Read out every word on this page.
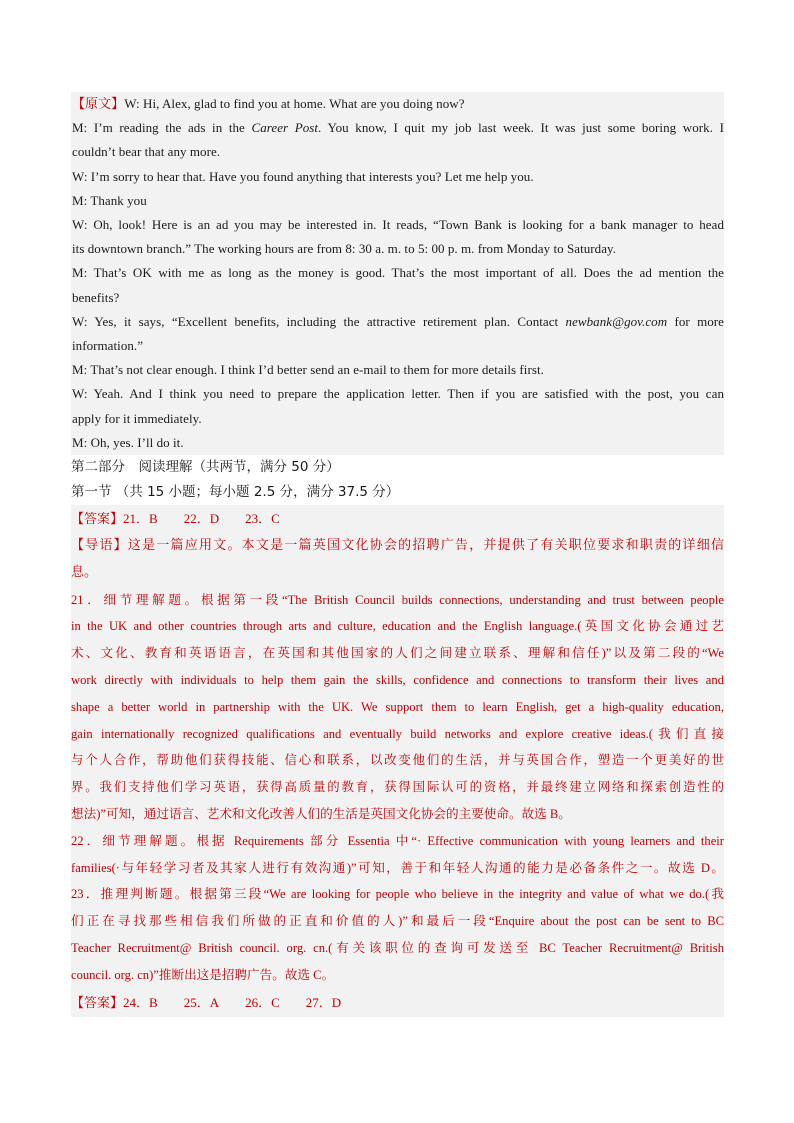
【原文】W: Hi, Alex, glad to find you at home. What are you doing now?
M: I’m reading the ads in the Career Post. You know, I quit my job last week. It was just some boring work. I
couldn’t bear that any more.
W: I’m sorry to hear that. Have you found anything that interests you? Let me help you.
M: Thank you
W: Oh, look! Here is an ad you may be interested in. It reads, “Town Bank is looking for a bank manager to head
its downtown branch.” The working hours are from 8: 30 a. m. to 5: 00 p. m. from Monday to Saturday.
M: That’s OK with me as long as the money is good. That’s the most important of all. Does the ad mention the
benefits?
W: Yes, it says, “Excellent benefits, including the attractive retirement plan. Contact newbank@gov.com for more
information.”
M: That’s not clear enough. I think I’d better send an e-mail to them for more details first.
W: Yeah. And I think you need to prepare the application letter. Then if you are satisfied with the post, you can
apply for it immediately.
M: Oh, yes. I’ll do it.
第二部分　阅读理解（共两节，满分 50 分）
第一节 （共 15 小题；每小题 2.5 分，满分 37.5 分）
【答案】21．B 22．D 23．C
【导语】这是一篇应用文。本文是一篇英国文化协会的招聘广告，并提供了有关职位要求和职责的详细信
息。
21．细节理解题。根据第一段“The British Council builds connections, understanding and trust between people
in the UK and other countries through arts and culture, education and the English language.(英国文化协会通过艺
术、文化、教育和英语语言，在英国和其他国家的人们之间建立联系、理解和信任)”以及第二段的“We
work directly with individuals to help them gain the skills, confidence and connections to transform their lives and
shape a better world in partnership with the UK. We support them to learn English, get a high-quality education,
gain internationally recognized qualifications and eventually build networks and explore creative ideas.(我们直接
与个人合作，帮助他们获得技能、信心和联系，以改变他们的生活，并与英国合作，塑造一个更美好的世
界。我们支持他们学习英语，获得高质量的教育，获得国际认可的资格，并最终建立网络和探索创造性的
想法)”可知，通过语言、艺术和文化改善人们的生活是英国文化协会的主要使命。故选 B。
22．细节理解题。根据 Requirements 部分 Essentia 中“· Effective communication with young learners and their
families(·与年轻学习者及其家人进行有效沟通)”可知，善于和年轻人沟通的能力是必备条件之一。故选 D。
23．推理判断题。根据第三段“We are looking for people who believe in the integrity and value of what we do.(我
们正在寻找那些相信我们所做的正直和价值的人)”和最后一段“Enquire about the post can be sent to BC
Teacher Recruitment@ British council. org. cn.(有关该职位的查询可发送至 BC Teacher Recruitment@ British
council. org. cn)”推断出这是招聘广告。故选 C。
【答案】24．B 25．A 26．C 27．D
